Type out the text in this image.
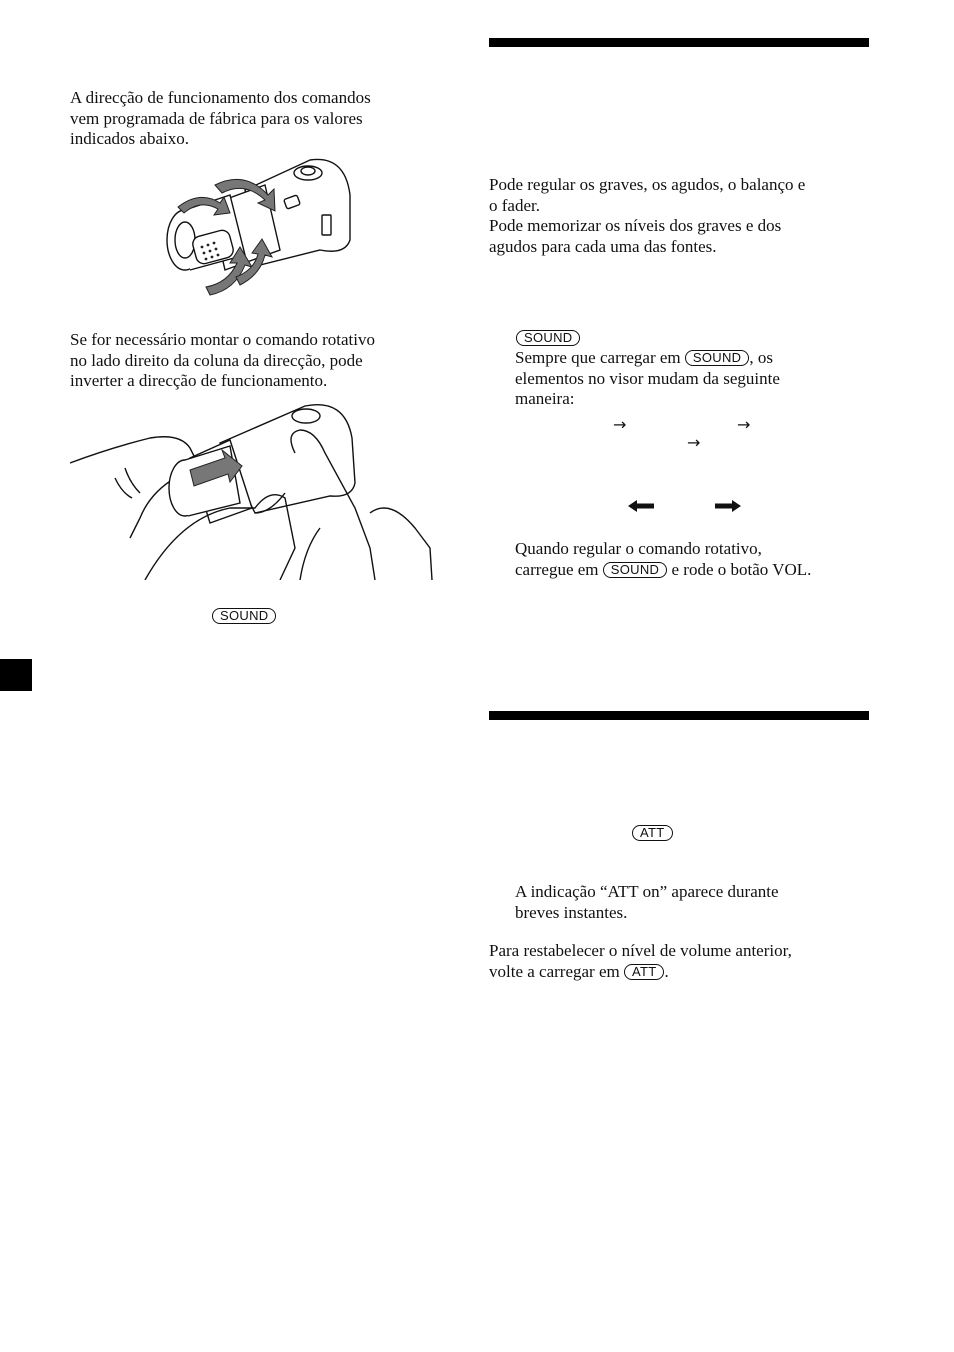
A direcção de funcionamento dos comandos

vem programada de fábrica para os valores

indicados abaixo.

Se for necessário montar o comando rotativo

no lado direito da coluna da direcção, pode

inverter a direcção de funcionamento.

SOUND

Pode regular os graves, os agudos, o balanço e

o fader.

Pode memorizar os níveis dos graves e dos

agudos para cada uma das fontes.

SOUND

Sempre que carregar em SOUND , os

elementos no visor mudam da seguinte

maneira:

→	→
→

Quando regular o comando rotativo,

carregue em SOUND e rode o botão VOL.

ATT

A indicação “ATT on” aparece durante

breves instantes.

Para restabelecer o nível de volume anterior,

volte a carregar em ATT .
